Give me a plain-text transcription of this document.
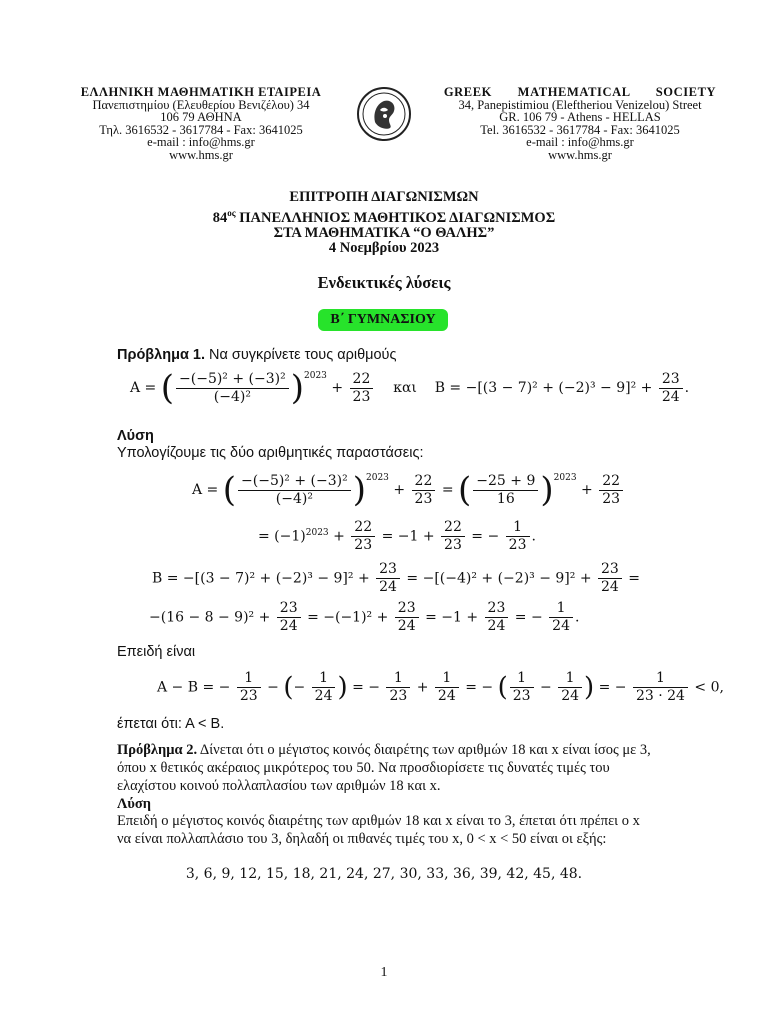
ΕΛΛΗΝΙΚΗ ΜΑΘΗΜΑΤΙΚΗ ΕΤΑΙΡΕΙΑ
Πανεπιστημίου (Ελευθερίου Βενιζέλου) 34
106 79 ΑΘΗΝΑ
Τηλ. 3616532 - 3617784 - Fax: 3641025
e-mail : info@hms.gr
www.hms.gr
GREEK MATHEMATICAL SOCIETY
34, Panepistimiou (Eleftheriou Venizelou) Street
GR. 106 79 - Athens - HELLAS
Tel. 3616532 - 3617784 - Fax: 3641025
e-mail : info@hms.gr
www.hms.gr
ΕΠΙΤΡΟΠΗ ΔΙΑΓΩΝΙΣΜΩΝ
$84^{o\varsigma}$ ΠΑΝΕΛΛΗΝΙΟΣ ΜΑΘΗΤΙΚΟΣ ΔΙΑΓΩΝΙΣΜΟΣ
ΣΤΑ ΜΑΘΗΜΑΤΙΚΑ “Ο ΘΑΛΗΣ”
4 Νοεμβρίου 2023
Ενδεικτικές λύσεις
B΄ ΓΥΜΝΑΣΙΟΥ
Πρόβλημα 1. Να συγκρίνετε τους αριθμούς
Α = ( $\frac{\text{−(−5)² + (−3)²}}{\text{(−4)²}} )^{2023} + \frac{22}{23}$ και    $B = -[(3 - 7)^2 + (-2)^3 - 9]^2 + \frac{23}{24}$ .
Λύση
Υπολογίζουμε τις δύο αριθμητικές παραστάσεις:
Α = ( $\frac{\text{−(−5)² + (−3)²}}{\text{(−4)²}} )^{2023} + \frac{22}{23}$ = ( $\frac{-25 + 9}{16} )^{2023} + \frac{22}{23}$
= $(-1)^{2023} + \frac{22}{23} = -1 + \frac{22}{23}$ = − $\frac{1}{23}$ .
$B = -[(3 - 7)^2 + (-2)^3 - 9]^2 + \frac{23}{24} = -[(-4)^2 + (-2)^3 - 9]^2 + \frac{23}{24}$ =
$-(16 - 8 - 9)^2 + \frac{23}{24} = -(-1)^2 + \frac{23}{24} = -1 + \frac{23}{24}$ = − $\frac{1}{24}$ .
Επειδή είναι
Α − Β = − $\frac{1}{23}$ − (− $\frac{1}{24}$ ) = − $\frac{1}{23} + \frac{1}{24}$ = − ( $\frac{1}{23} - \frac{1}{24}$ ) = − $\frac{1}{23 \cdot 24} < 0$,
έπεται ότι: Α < Β.
Πρόβλημα 2. Δίνεται ότι ο μέγιστος κοινός διαιρέτης των αριθμών 18 και x είναι ίσος με 3, όπου x θετικός ακέραιος μικρότερος του 50. Να προσδιορίσετε τις δυνατές τιμές του ελαχίστου κοινού πολλαπλασίου των αριθμών 18 και x.
Λύση
Επειδή ο μέγιστος κοινός διαιρέτης των αριθμών 18 και x είναι το 3, έπεται ότι πρέπει ο x να είναι πολλαπλάσιο του 3, δηλαδή οι πιθανές τιμές του x, 0 < x < 50 είναι οι εξής:
3, 6, 9, 12, 15, 18, 21, 24, 27, 30, 33, 36, 39, 42, 45, 48.
1
